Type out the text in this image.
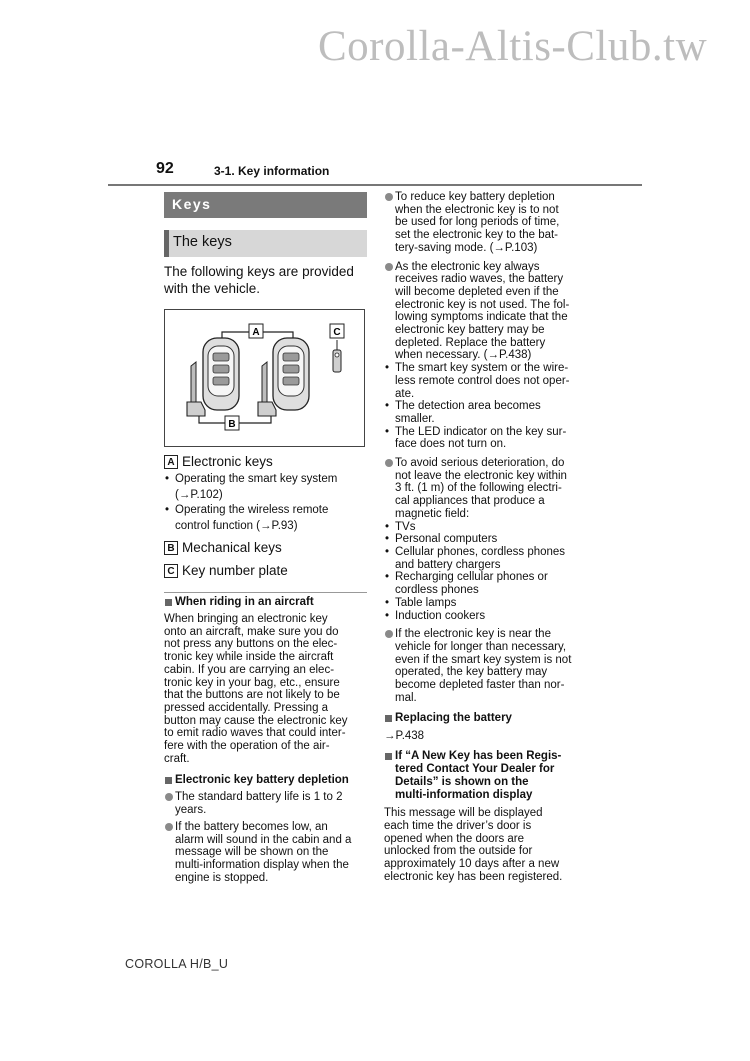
Corolla-Altis-Club.tw
92	3-1. Key information
Keys
The keys
The following keys are provided with the vehicle.
A
B
C
A Electronic keys
• Operating the smart key system
(→P.102)
• Operating the wireless remote
control function (→P.93)
B Mechanical keys
C Key number plate
When riding in an aircraft
When bringing an electronic key
onto an aircraft, make sure you do
not press any buttons on the elec-
tronic key while inside the aircraft
cabin. If you are carrying an elec-
tronic key in your bag, etc., ensure
that the buttons are not likely to be
pressed accidentally. Pressing a
button may cause the electronic key
to emit radio waves that could inter-
fere with the operation of the air-
craft.
Electronic key battery depletion
The standard battery life is 1 to 2
years.
If the battery becomes low, an
alarm will sound in the cabin and a
message will be shown on the
multi-information display when the
engine is stopped.
To reduce key battery depletion
when the electronic key is to not
be used for long periods of time,
set the electronic key to the bat-
tery-saving mode. (→P.103)
As the electronic key always
receives radio waves, the battery
will become depleted even if the
electronic key is not used. The fol-
lowing symptoms indicate that the
electronic key battery may be
depleted. Replace the battery
when necessary. (→P.438)
• The smart key system or the wire-
less remote control does not oper-
ate.
• The detection area becomes
smaller.
• The LED indicator on the key sur-
face does not turn on.
To avoid serious deterioration, do
not leave the electronic key within
3 ft. (1 m) of the following electri-
cal appliances that produce a
magnetic field:
• TVs
• Personal computers
• Cellular phones, cordless phones
and battery chargers
• Recharging cellular phones or
cordless phones
• Table lamps
• Induction cookers
If the electronic key is near the
vehicle for longer than necessary,
even if the smart key system is not
operated, the key battery may
become depleted faster than nor-
mal.
Replacing the battery
→P.438
If “A New Key has been Regis-
tered Contact Your Dealer for
Details” is shown on the
multi-information display
This message will be displayed
each time the driver’s door is
opened when the doors are
unlocked from the outside for
approximately 10 days after a new
electronic key has been registered.
COROLLA H/B_U
